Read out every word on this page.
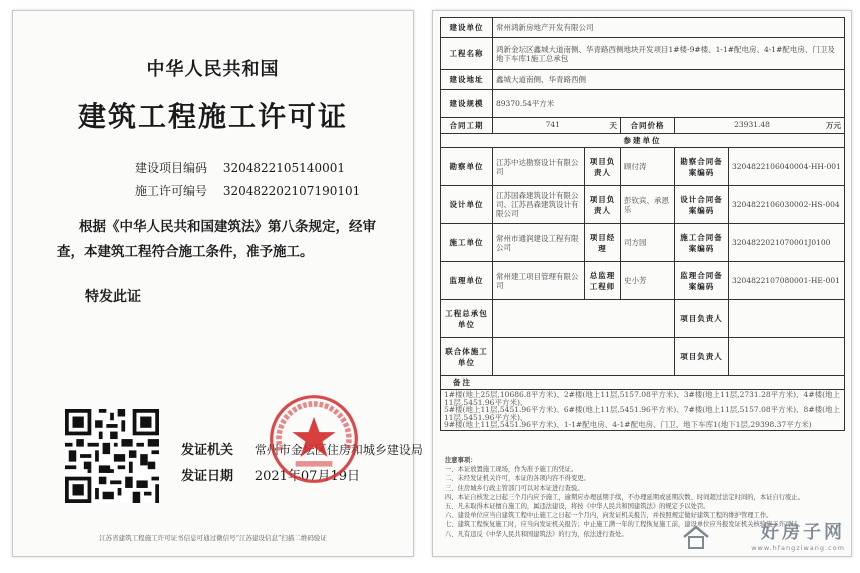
中华人民共和国
建筑工程施工许可证
建设项目编码 3204822105140001
施工许可编号 320482202107190101
根据《中华人民共和国建筑法》第八条规定，经审查，本建筑工程符合施工条件，准予施工。
特发此证
发证机关 常州市金坛区住房和城乡建设局
发证日期 2021年07月19日
江苏省建筑工程施工许可证书信息可通过微信号“江苏建设信息”扫描二维码验证
建设单位	常州鸿新房地产开发有限公司				
工程名称	鸿新金坛区鑫城大道南侧、华青路西侧地块开发项目1#楼-9#楼、1-1#配电房、4-1#配电房、门卫及地下车库1施工总承包				
建设地址	鑫城大道南侧、华青路西侧				
建设规模	89370.54平方米				
合同工期	741 天		合同价格	23931.48 万元	

参建单位					
勘察单位	江苏中达勘察设计有限公司	项目负责人	顾付涛	勘察合同备案编码	3204822106040004-HH-001
设计单位	江苏国森建筑设计有限公司、江苏昌森建筑设计有限公司	项目负责人	彭钦宾、承恩乐	设计合同备案编码	3204822106030002-HS-004
施工单位	常州市通润建设工程有限公司	项目经理	司方园	施工合同备案编码	3204822021070001J0100
监理单位	常州建工项目管理有限公司	总监理工程师	史小芳	监理合同备案编码	3204822107080001-HE-001
工程总承包单位				项目负责人	
联合体施工单位				项目负责人	
备注					

1#楼(地上25层,10686.8平方米)、2#楼(地上11层,5157.08平方米)、3#楼(地上11层,2731.28平方米)、4#楼(地上11层,5451.96平方米)、
5#楼(地上11层,5451.96平方米)、6#楼(地上11层,5451.96平方米)、7#楼(地上11层,5157.08平方米)、8#楼(地上11层,5451.96平方米)、
9#楼(地上11层,5451.96平方米)、1-1#配电房、4-1#配电房、门卫、地下车库1(地下1层,29398.37平方米)					
注意事项：
一、本证放置施工现场，作为准予施工的凭证。
二、未经发证机关许可，本证的各项内容不得变更。
三、住房城乡行政主管部门可以对本证进行查验。
四、本证自核发之日起三个月内应予施工，逾期应办理延期手续，不办理延期或延期次数、时间超过法定时间的，本证自行废止。
五、凡未取得本证擅自施工的，属违法建设，将按《中华人民共和国建筑法》的规定予以处罚。
六、建设单位应当自建筑工程中止施工之日起一个月内，向发证机关报告，并按照规定做好建筑工程的维护管理工作。
七、建筑工程恢复施工时，应当向发证机关报告；中止施工满一年的工程恢复施工前，建设单位应当报发证机关核验施工许可证。
八、凡有违反《中华人民共和国建筑法》的行为，依法进行查处。	好房子网
www.hfangziwang.com
